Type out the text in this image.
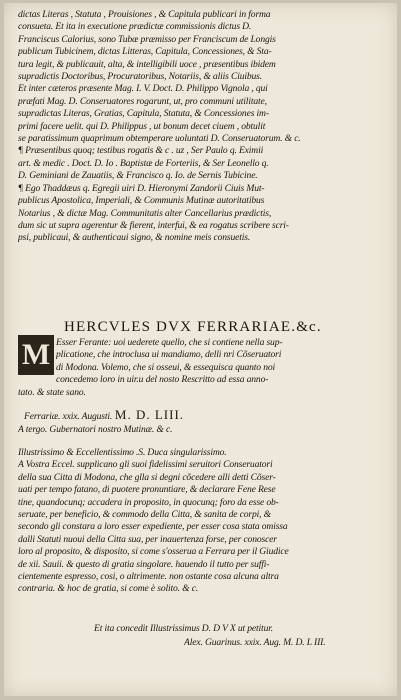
dictas Literas , Statuta , Prouisiones , & Capitula publicari in forma
consueta. Et ita in executione prædictæ commissionis dictus D.
Franciscus Calorius, sono Tubæ præmisso per Franciscum de Longis
publicum Tubicinem, dictas Litteras, Capitula, Concessiones, & Sta-
tura legit, & publicauit, alta, & intelligibili uoce , præsentibus ibidem
supradictis Doctoribus, Procuratoribus, Notariis, & aliis Ciuibus.
Et inter cæteros præsente Mag. I. V. Doct. D. Philippo Vignola , qui
præfati Mag. D. Conseruatores rogarunt, ut, pro communi utilitate,
supradictas Literas, Gratias, Capitula, Statuta, & Concessiones im-
primi facere uelit. qui D. Philippus , ut bonum decet ciuem , obtulit
se paratissimum quaprimum obtemperare uoluntati D. Conseruatorum. & c.
¶ Præsentibus quoq; testibus rogatis & c . uz , Ser Paulo q. Eximii
art. & medic . Doct. D. Io . Baptistæ de Forteriis, & Ser Leonello q.
D. Geminiani de Zauatiis, & Francisco q. Io. de Sernis Tubicine.
¶ Ego Thaddæus q. Egregii uiri D. Hieronymi Zandorii Ciuis Mut-
publicus Apostolica, Imperiali, & Communis Mutinæ autoritatibus
Notarius , & dictæ Mag. Communitatis alter Cancellarius prædictis,
dum sic ut supra agerentur & fierent, interfui, & ea rogatus scribere scri-
psi, publicaui, & authenticaui signo, & nomine meis consuetis.
HERCVLES DVX FERRARIAE.&c.
M Esser Ferante: uoi uederete quello, che si contiene nella sup-
plicatione, che introclusa ui mandiamo, delli nri Cõseruatori
di Modona. Volemo, che si osseui, & essequisca quanto noi
concedemo loro in uir.u del nosto Rescritto ad essa anno-
tato. & state sano.
Ferrariæ. xxix. Augusti. M. D. LIII.
A tergo. Gubernatori nostro Mutinæ. & c.
Illustrissimo & Eccellentissimo .S. Duca singularissimo.
A Vostra Eccel. supplicano gli suoi fidelissimi seruitori Conseruatori
della sua Citta di Modona, che glla si degni cõcedere alli detti Cõser-
uati per tempo fatano, di puotere pronuntiare, & declarare Fene Rese
tine, quandocunq; accadera in proposito, in quocunq; foro da esse ob-
seruate, per beneficio, & commodo della Citta, & sanita de corpi, &
secondo gli constara a loro esser expediente, per esser cosa stata omissa
dalli Statuti nuoui della Citta sua, per inauertenza forse, per conoscer
loro al proposito, & disposito, si come s'osserua a Ferrara per il Giudice
de xii. Sauii. & questo di gratia singolare. hauendo il tutto per suffi-
cientemente espresso, cosi, o altrimente. non ostante cosa alcuna altra
contraria. & hoc de gratia, si come è solito. & c.
Et ita concedit Illustrissimus D. D V X ut petitur.
Alex. Guarinus. xxix. Aug. M. D. L III.
